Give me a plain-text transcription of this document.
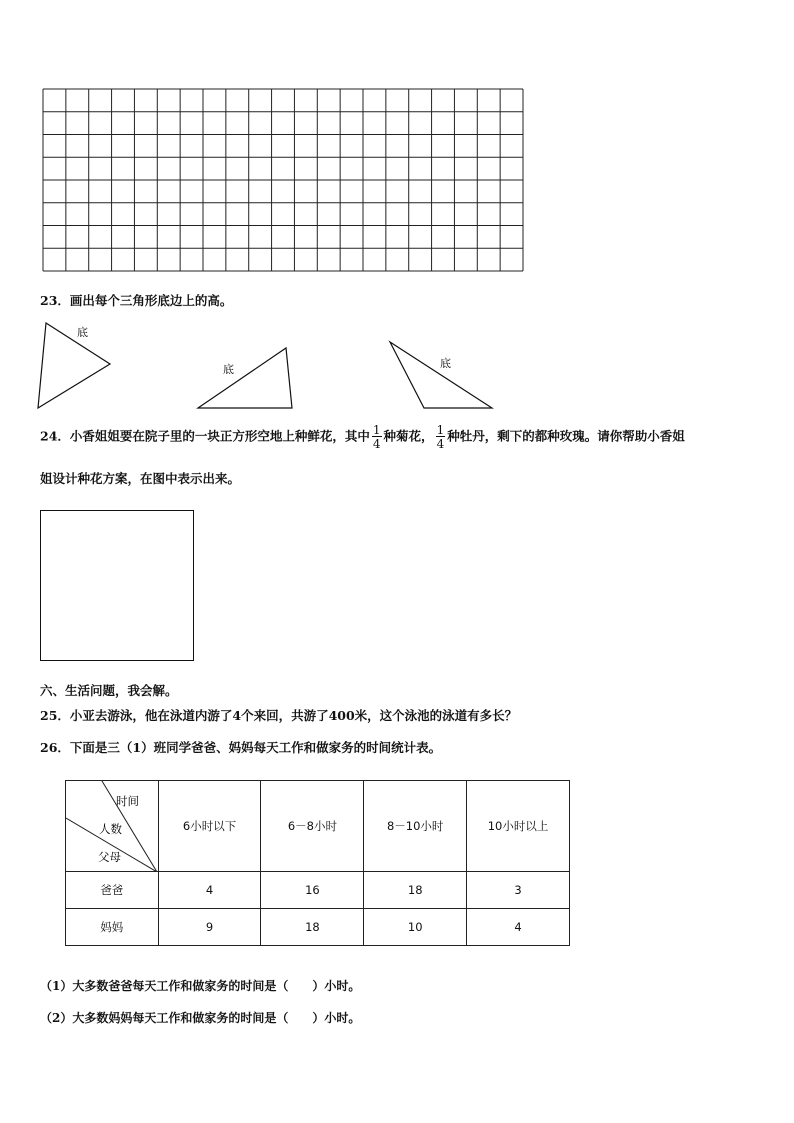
23．画出每个三角形底边上的高。
底
底	底
24．小香姐姐要在院子里的一块正方形空地上种鲜花，其中 $\frac{1}{4}$ 种菊花， $\frac{1}{4}$ 种牡丹，剩下的都种玫瑰。请你帮助小香姐
姐设计种花方案，在图中表示出来。
六、生活问题，我会解。
25．小亚去游泳，他在泳道内游了4个来回，共游了400米，这个泳池的泳道有多长？
26．下面是三（1）班同学爸爸、妈妈每天工作和做家务的时间统计表。
时间
人数
父母	6小时以下	6－8小时	8－10小时	10小时以上
爸爸	4	16	18	3
妈妈	9	18	10	4
（1）大多数爸爸每天工作和做家务的时间是（　　）小时。
（2）大多数妈妈每天工作和做家务的时间是（　　）小时。
